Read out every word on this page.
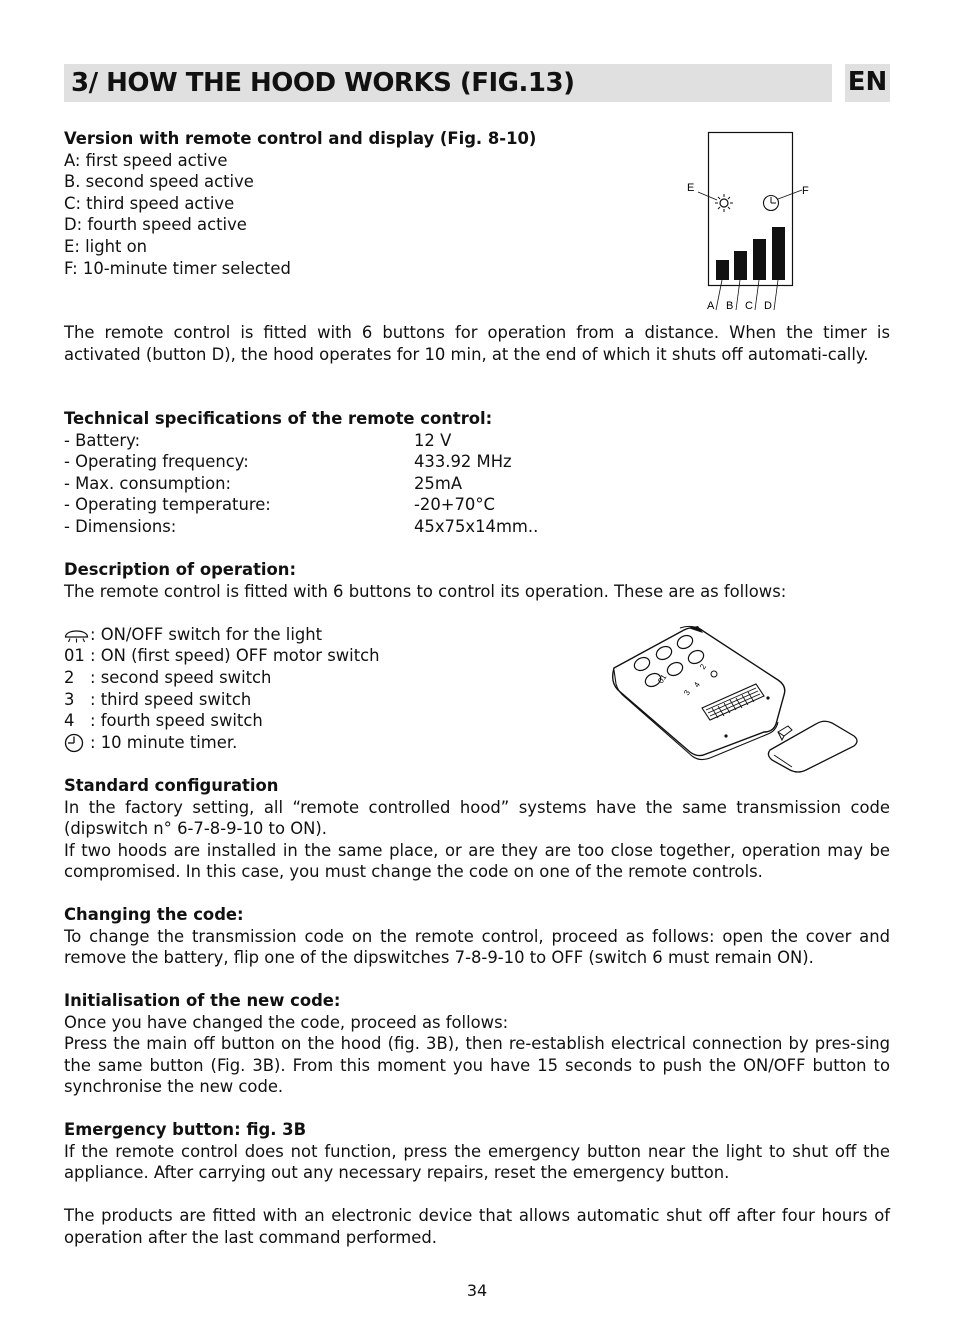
3/ HOW THE HOOD WORKS (FIG.13)	EN

Version with remote control and display (Fig. 8-10)

A: first speed active

B. second speed active

C: third speed active

D: fourth speed active

E: light on

F: 10-minute timer selected

E	F
A B C D

The remote control is fitted with 6 buttons for operation from a distance. When the timer is activated (button D), the hood operates for 10 min, at the end of which it shuts off automati-cally.

Technical specifications of the remote control:

- Battery:	12 V
- Operating frequency:	433.92 MHz
- Max. consumption:	25mA
- Operating temperature:	-20+70°C
- Dimensions:	45x75x14mm..

Description of operation:

The remote control is fitted with 6 buttons to control its operation. These are as follows:

: ON/OFF switch for the light
01 : ON (first speed) OFF motor switch
2 : second speed switch
3 : third speed switch
4 : fourth speed switch
: 10 minute timer.
01
2
4
3

Standard configuration

In the factory setting, all “remote controlled hood” systems have the same transmission code (dipswitch n° 6-7-8-9-10 to ON).

If two hoods are installed in the same place, or are they are too close together, operation may be compromised. In this case, you must change the code on one of the remote controls.

Changing the code:

To change the transmission code on the remote control, proceed as follows: open the cover and remove the battery, flip one of the dipswitches 7-8-9-10 to OFF (switch 6 must remain ON).

Initialisation of the new code:

Once you have changed the code, proceed as follows:

Press the main off button on the hood (fig. 3B), then re-establish electrical connection by pres-sing the same button (Fig. 3B). From this moment you have 15 seconds to push the ON/OFF button to synchronise the new code.

Emergency button: fig. 3B

If the remote control does not function, press the emergency button near the light to shut off the appliance. After carrying out any necessary repairs, reset the emergency button.

The products are fitted with an electronic device that allows automatic shut off after four hours of operation after the last command performed.

34
